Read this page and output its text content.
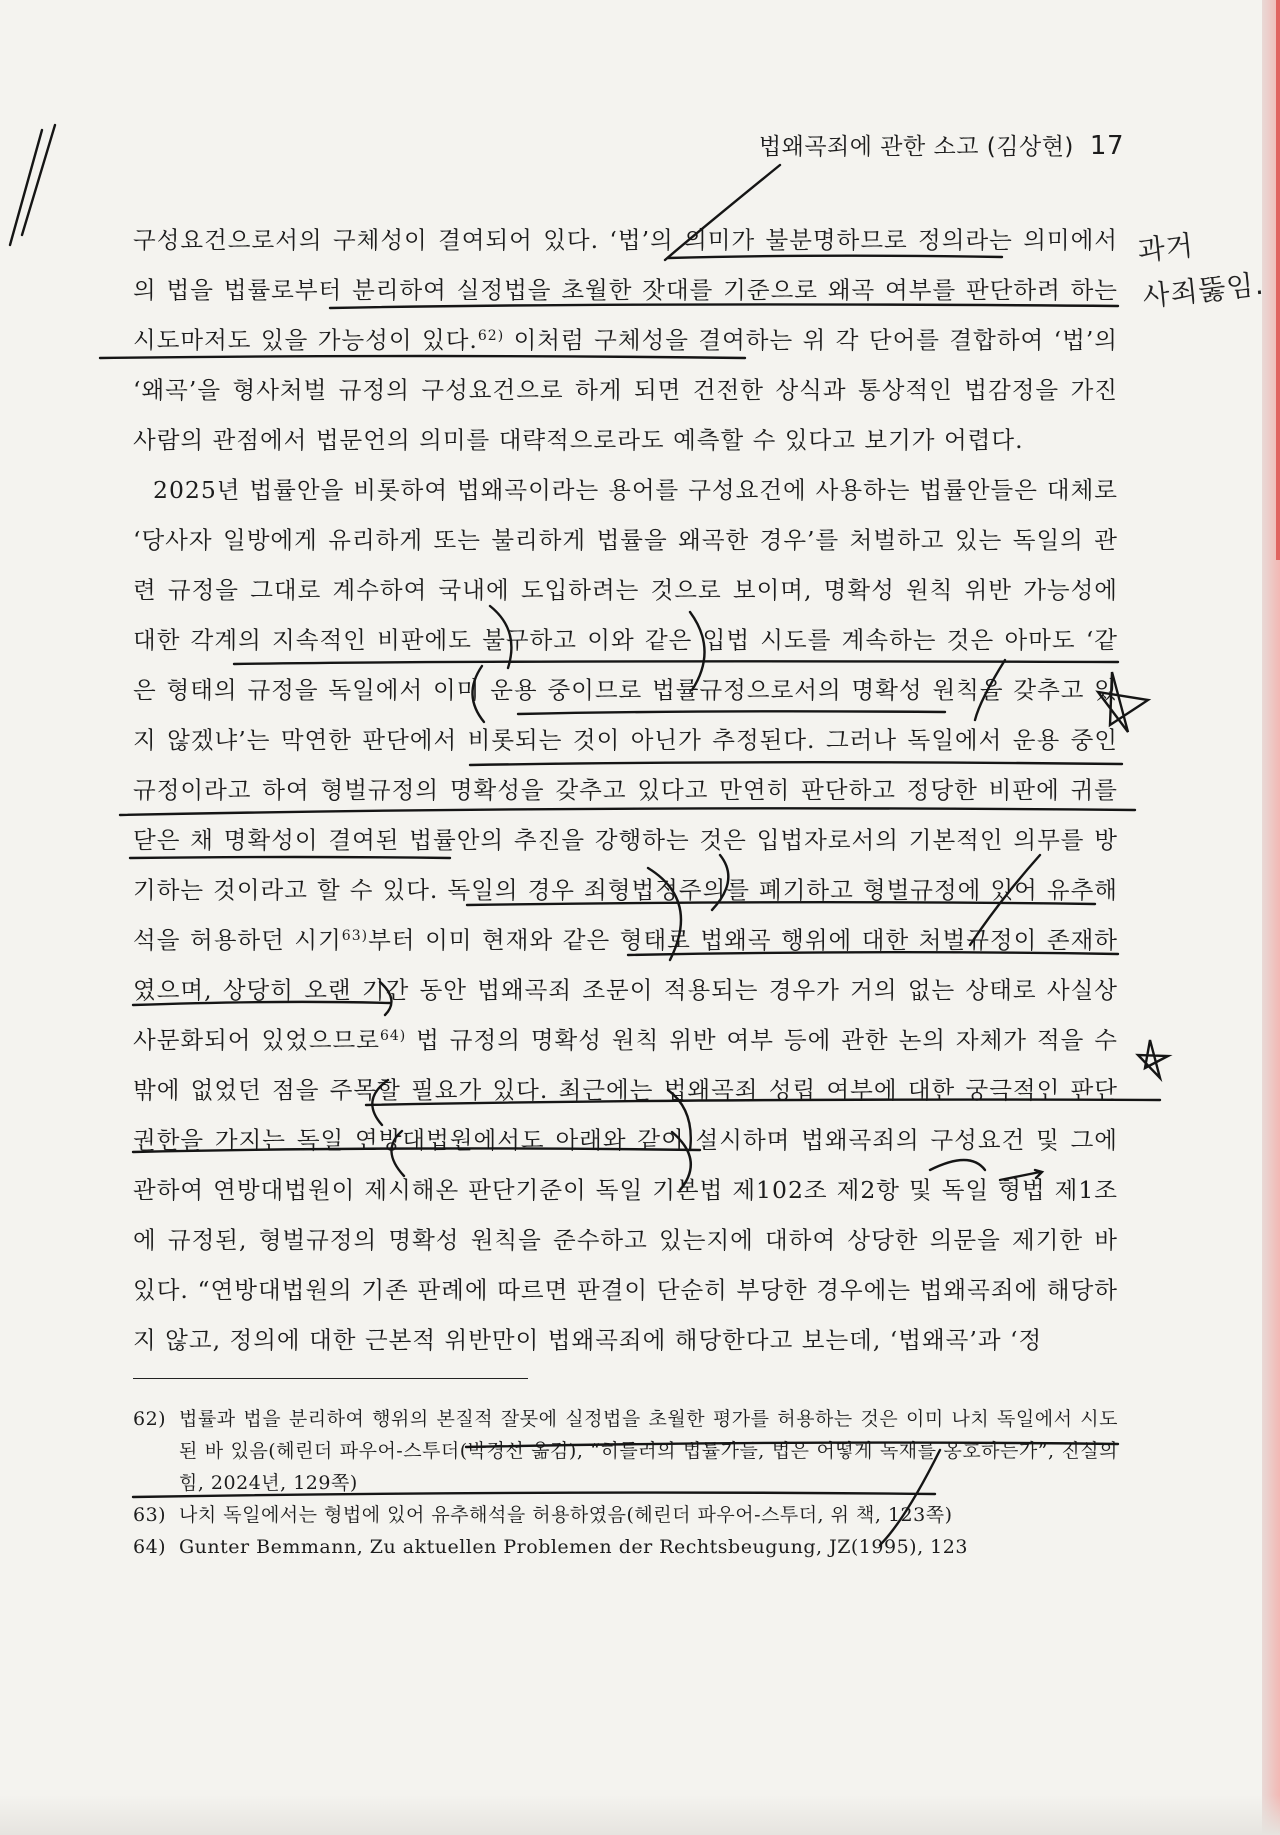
법왜곡죄에 관한 소고 (김상현) 17

구성요건으로서의 구체성이 결여되어 있다. ‘법’의 의미가 불분명하므로 정의라는 의미에서의 법을 법률로부터 분리하여 실정법을 초월한 잣대를 기준으로 왜곡 여부를 판단하려 하는 시도마저도 있을 가능성이 있다.$^{62)}$ 이처럼 구체성을 결여하는 위 각 단어를 결합하여 ‘법’의 ‘왜곡’을 형사처벌 규정의 구성요건으로 하게 되면 건전한 상식과 통상적인 법감정을 가진 사람의 관점에서 법문언의 의미를 대략적으로라도 예측할 수 있다고 보기가 어렵다.

2025년 법률안을 비롯하여 법왜곡이라는 용어를 구성요건에 사용하는 법률안들은 대체로 ‘당사자 일방에게 유리하게 또는 불리하게 법률을 왜곡한 경우’를 처벌하고 있는 독일의 관련 규정을 그대로 계수하여 국내에 도입하려는 것으로 보이며, 명확성 원칙 위반 가능성에 대한 각계의 지속적인 비판에도 불구하고 이와 같은 입법 시도를 계속하는 것은 아마도 ‘같은 형태의 규정을 독일에서 이미 운용 중이므로 법률규정으로서의 명확성 원칙을 갖추고 있지 않겠냐’는 막연한 판단에서 비롯되는 것이 아닌가 추정된다. 그러나 독일에서 운용 중인 규정이라고 하여 형벌규정의 명확성을 갖추고 있다고 만연히 판단하고 정당한 비판에 귀를 닫은 채 명확성이 결여된 법률안의 추진을 강행하는 것은 입법자로서의 기본적인 의무를 방기하는 것이라고 할 수 있다. 독일의 경우 죄형법정주의를 폐기하고 형벌규정에 있어 유추해석을 허용하던 시기$^{63)}$부터 이미 현재와 같은 형태로 법왜곡 행위에 대한 처벌규정이 존재하였으며, 상당히 오랜 기간 동안 법왜곡죄 조문이 적용되는 경우가 거의 없는 상태로 사실상 사문화되어 있었으므로$^{64)}$ 법 규정의 명확성 원칙 위반 여부 등에 관한 논의 자체가 적을 수밖에 없었던 점을 주목할 필요가 있다. 최근에는 법왜곡죄 성립 여부에 대한 궁극적인 판단 권한을 가지는 독일 연방대법원에서도 아래와 같이 설시하며 법왜곡죄의 구성요건 및 그에 관하여 연방대법원이 제시해온 판단기준이 독일 기본법 제102조 제2항 및 독일 형법 제1조에 규정된, 형벌규정의 명확성 원칙을 준수하고 있는지에 대하여 상당한 의문을 제기한 바 있다. “연방대법원의 기존 판례에 따르면 판결이 단순히 부당한 경우에는 법왜곡죄에 해당하지 않고, 정의에 대한 근본적 위반만이 법왜곡죄에 해당한다고 보는데, ‘법왜곡’과 ‘정

62) 법률과 법을 분리하여 행위의 본질적 잘못에 실정법을 초월한 평가를 허용하는 것은 이미 나치 독일에서 시도된 바 있음(헤린더 파우어-스투더(박경선 옮김), “히틀러의 법률가들, 법은 어떻게 독재를 옹호하는가”, 진실의 힘, 2024년, 129쪽)
63) 나치 독일에서는 형법에 있어 유추해석을 허용하였음(헤린더 파우어-스투더, 위 책, 123쪽)
64) Gunter Bemmann, Zu aktuellen Problemen der Rechtsbeugung, JZ(1995), 123
과거
사죄뚫임.
